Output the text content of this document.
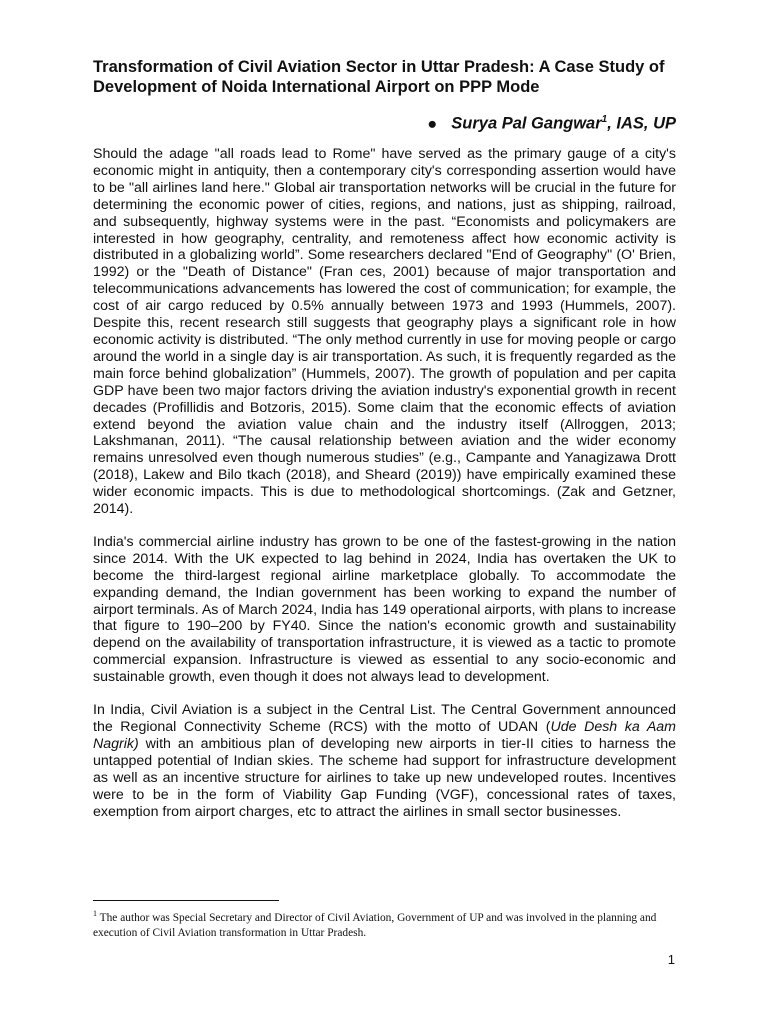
Transformation of Civil Aviation Sector in Uttar Pradesh: A Case Study of Development of Noida International Airport on PPP Mode
● Surya Pal Gangwar$^1$, IAS, UP

Should the adage "all roads lead to Rome" have served as the primary gauge of a city's economic might in antiquity, then a contemporary city's corresponding assertion would have to be "all airlines land here." Global air transportation networks will be crucial in the future for determining the economic power of cities, regions, and nations, just as shipping, railroad, and subsequently, highway systems were in the past. “Economists and policymakers are interested in how geography, centrality, and remoteness affect how economic activity is distributed in a globalizing world”. Some researchers declared "End of Geography" (O' Brien, 1992) or the "Death of Distance" (Fran ces, 2001) because of major transportation and telecommunications advancements has lowered the cost of communication; for example, the cost of air cargo reduced by 0.5% annually between 1973 and 1993 (Hummels, 2007). Despite this, recent research still suggests that geography plays a significant role in how economic activity is distributed. “The only method currently in use for moving people or cargo around the world in a single day is air transportation. As such, it is frequently regarded as the main force behind globalization” (Hummels, 2007). The growth of population and per capita GDP have been two major factors driving the aviation industry's exponential growth in recent decades (Profillidis and Botzoris, 2015). Some claim that the economic effects of aviation extend beyond the aviation value chain and the industry itself (Allroggen, 2013; Lakshmanan, 2011). “The causal relationship between aviation and the wider economy remains unresolved even though numerous studies” (e.g., Campante and Yanagizawa Drott (2018), Lakew and Bilo tkach (2018), and Sheard (2019)) have empirically examined these wider economic impacts. This is due to methodological shortcomings. (Zak and Getzner, 2014).

India's commercial airline industry has grown to be one of the fastest-growing in the nation since 2014. With the UK expected to lag behind in 2024, India has overtaken the UK to become the third-largest regional airline marketplace globally. To accommodate the expanding demand, the Indian government has been working to expand the number of airport terminals. As of March 2024, India has 149 operational airports, with plans to increase that figure to 190–200 by FY40. Since the nation's economic growth and sustainability depend on the availability of transportation infrastructure, it is viewed as a tactic to promote commercial expansion. Infrastructure is viewed as essential to any socio-economic and sustainable growth, even though it does not always lead to development.

In India, Civil Aviation is a subject in the Central List. The Central Government announced the Regional Connectivity Scheme (RCS) with the motto of UDAN (Ude Desh ka Aam Nagrik) with an ambitious plan of developing new airports in tier-II cities to harness the untapped potential of Indian skies. The scheme had support for infrastructure development as well as an incentive structure for airlines to take up new undeveloped routes. Incentives were to be in the form of Viability Gap Funding (VGF), concessional rates of taxes, exemption from airport charges, etc to attract the airlines in small sector businesses.

$^1$ The author was Special Secretary and Director of Civil Aviation, Government of UP and was involved in the planning and execution of Civil Aviation transformation in Uttar Pradesh.
1
